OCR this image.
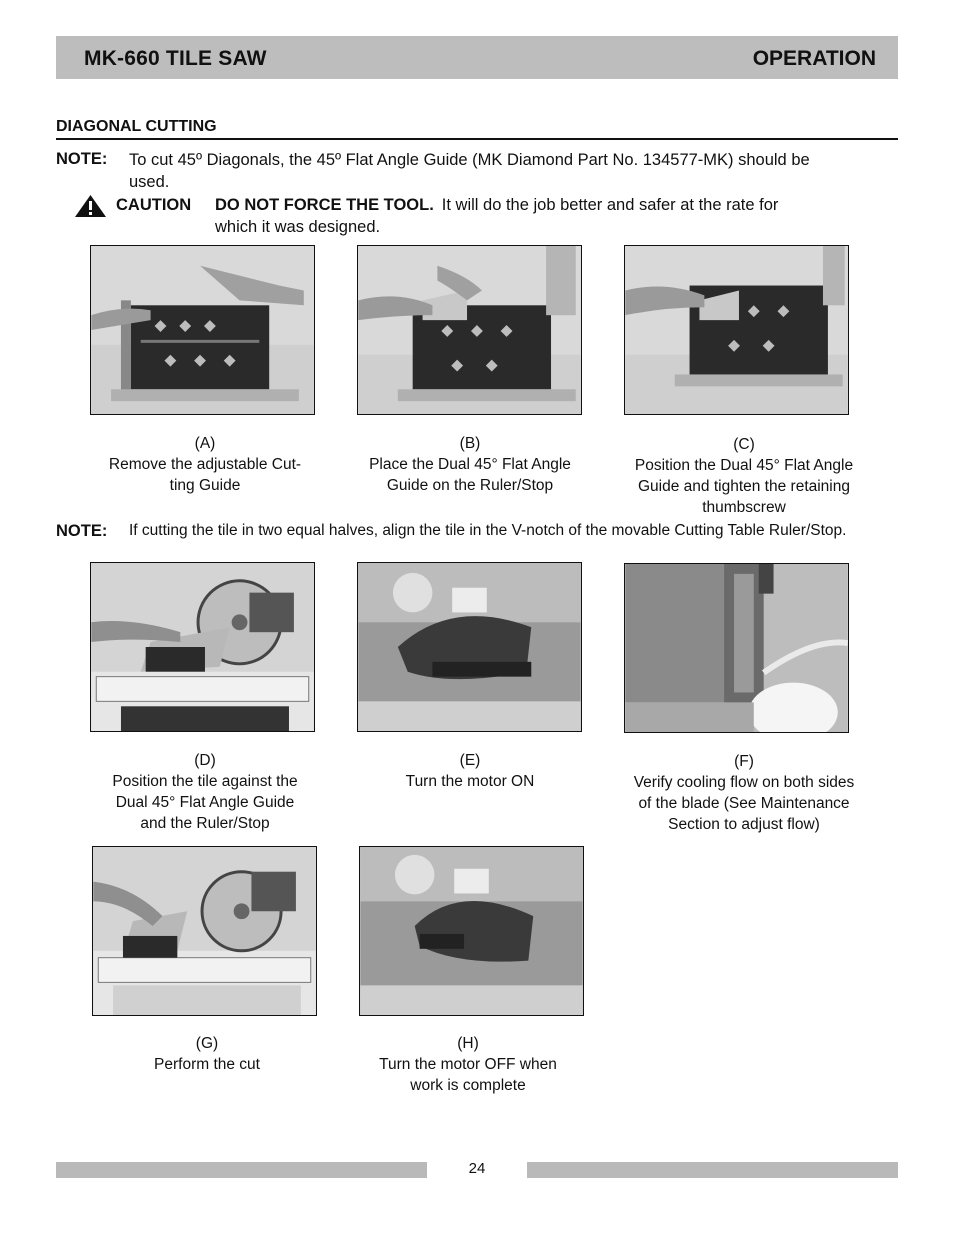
MK-660 TILE SAW	OPERATION
DIAGONAL CUTTING
NOTE: To cut 45º Diagonals, the 45º Flat Angle Guide (MK Diamond Part No. 134577-MK) should be
used.
CAUTION DO NOT FORCE THE TOOL. It will do the job better and safer at the rate for
which it was designed.
(A)
Remove the adjustable Cut-
ting Guide
(B)
Place the Dual 45° Flat Angle
Guide on the Ruler/Stop
(C)
Position the Dual 45° Flat Angle
Guide and tighten the retaining
thumbscrew
NOTE: If cutting the tile in two equal halves, align the tile in the V-notch of the movable Cutting Table Ruler/Stop.
(D)
Position the tile against the
Dual 45° Flat Angle Guide
and the Ruler/Stop
(E)
Turn the motor ON
(F)
Verify cooling flow on both sides
of the blade (See Maintenance
Section to adjust flow)
(G)
Perform the cut
(H)
Turn the motor OFF when
work is complete
24
